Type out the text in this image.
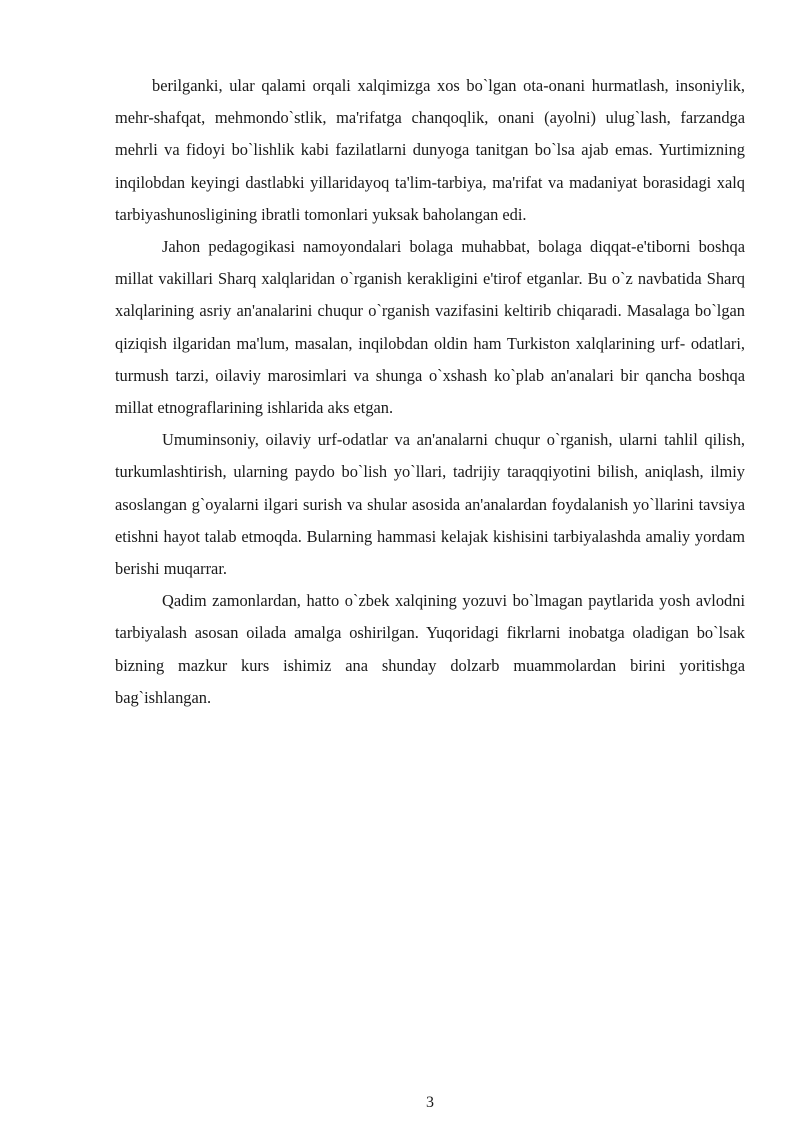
berilganki, ular qalami orqali xalqimizga xos bo`lgan ota-onani hurmatlash, insoniylik, mehr-shafqat, mehmondo`stlik, ma'rifatga chanqoqlik, onani (ayolni) ulug`lash, farzandga mehrli va fidoyi bo`lishlik kabi fazilatlarni dunyoga tanitgan bo`lsa ajab emas. Yurtimizning inqilobdan keyingi dastlabki yillaridayoq ta'lim-tarbiya, ma'rifat va madaniyat borasidagi xalq tarbiyashunosligining ibratli tomonlari yuksak baholangan edi.

Jahon pedagogikasi namoyondalari bolaga muhabbat, bolaga diqqat-e'tiborni boshqa millat vakillari Sharq xalqlaridan o`rganish kerakligini e'tirof etganlar. Bu o`z navbatida Sharq xalqlarining asriy an'analarini chuqur o`rganish vazifasini keltirib chiqaradi. Masalaga bo`lgan qiziqish ilgaridan ma'lum, masalan, inqilobdan oldin ham Turkiston xalqlarining urf- odatlari, turmush tarzi, oilaviy marosimlari va shunga o`xshash ko`plab an'analari bir qancha boshqa millat etnograflarining ishlarida aks etgan.

Umuminsoniy, oilaviy urf-odatlar va an'analarni chuqur o`rganish, ularni tahlil qilish, turkumlashtirish, ularning paydo bo`lish yo`llari, tadrijiy taraqqiyotini bilish, aniqlash, ilmiy asoslangan g`oyalarni ilgari surish va shular asosida an'analardan foydalanish yo`llarini tavsiya etishni hayot talab etmoqda. Bularning hammasi kelajak kishisini tarbiyalashda amaliy yordam berishi muqarrar.

Qadim zamonlardan, hatto o`zbek xalqining yozuvi bo`lmagan paytlarida yosh avlodni tarbiyalash asosan oilada amalga oshirilgan. Yuqoridagi fikrlarni inobatga oladigan bo`lsak bizning mazkur kurs ishimiz ana shunday dolzarb muammolardan birini yoritishga bag`ishlangan.

3
